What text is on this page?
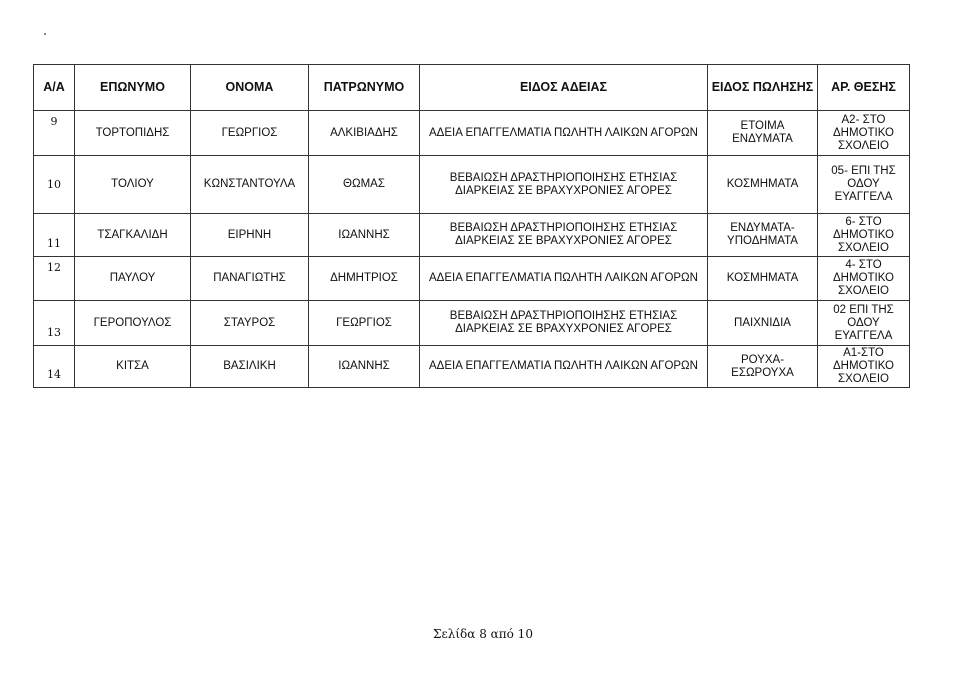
Α/Α	ΕΠΩΝΥΜΟ	ΟΝΟΜΑ	ΠΑΤΡΩΝΥΜΟ	ΕΙΔΟΣ ΑΔΕΙΑΣ	ΕΙΔΟΣ ΠΩΛΗΣΗΣ	ΑΡ. ΘΕΣΗΣ
9	ΤΟΡΤΟΠΙΔΗΣ	ΓΕΩΡΓΙΟΣ	ΑΛΚΙΒΙΑΔΗΣ	ΑΔΕΙΑ ΕΠΑΓΓΕΛΜΑΤΙΑ ΠΩΛΗΤΗ ΛΑΙΚΩΝ ΑΓΟΡΩΝ	ΕΤΟΙΜΑ ΕΝΔΥΜΑΤΑ	Α2- ΣΤΟ ΔΗΜΟΤΙΚΟ ΣΧΟΛΕΙΟ
10	ΤΟΛΙΟΥ	ΚΩΝΣΤΑΝΤΟΥΛΑ	ΘΩΜΑΣ	ΒΕΒΑΙΩΣΗ ΔΡΑΣΤΗΡΙΟΠΟΙΗΣΗΣ ΕΤΗΣΙΑΣ ΔΙΑΡΚΕΙΑΣ ΣΕ ΒΡΑΧΥΧΡΟΝΙΕΣ ΑΓΟΡΕΣ	ΚΟΣΜΗΜΑΤΑ	05- ΕΠΙ ΤΗΣ ΟΔΟΥ ΕΥΑΓΓΕΛΑ
11	ΤΣΑΓΚΑΛΙΔΗ	ΕΙΡΗΝΗ	ΙΩΑΝΝΗΣ	ΒΕΒΑΙΩΣΗ ΔΡΑΣΤΗΡΙΟΠΟΙΗΣΗΣ ΕΤΗΣΙΑΣ ΔΙΑΡΚΕΙΑΣ ΣΕ ΒΡΑΧΥΧΡΟΝΙΕΣ ΑΓΟΡΕΣ	ΕΝΔΥΜΑΤΑ- ΥΠΟΔΗΜΑΤΑ	6- ΣΤΟ ΔΗΜΟΤΙΚΟ ΣΧΟΛΕΙΟ
12	ΠΑΥΛΟΥ	ΠΑΝΑΓΙΩΤΗΣ	ΔΗΜΗΤΡΙΟΣ	ΑΔΕΙΑ ΕΠΑΓΓΕΛΜΑΤΙΑ ΠΩΛΗΤΗ ΛΑΙΚΩΝ ΑΓΟΡΩΝ	ΚΟΣΜΗΜΑΤΑ	4- ΣΤΟ ΔΗΜΟΤΙΚΟ ΣΧΟΛΕΙΟ
13	ΓΕΡΟΠΟΥΛΟΣ	ΣΤΑΥΡΟΣ	ΓΕΩΡΓΙΟΣ	ΒΕΒΑΙΩΣΗ ΔΡΑΣΤΗΡΙΟΠΟΙΗΣΗΣ ΕΤΗΣΙΑΣ ΔΙΑΡΚΕΙΑΣ ΣΕ ΒΡΑΧΥΧΡΟΝΙΕΣ ΑΓΟΡΕΣ	ΠΑΙΧΝΙΔΙΑ	02 ΕΠΙ ΤΗΣ ΟΔΟΥ ΕΥΑΓΓΕΛΑ
14	ΚΙΤΣΑ	ΒΑΣΙΛΙΚΗ	ΙΩΑΝΝΗΣ	ΑΔΕΙΑ ΕΠΑΓΓΕΛΜΑΤΙΑ ΠΩΛΗΤΗ ΛΑΙΚΩΝ ΑΓΟΡΩΝ	ΡΟΥΧΑ- ΕΣΩΡΟΥΧΑ	Α1-ΣΤΟ ΔΗΜΟΤΙΚΟ ΣΧΟΛΕΙΟ
Σελίδα 8 από 10
